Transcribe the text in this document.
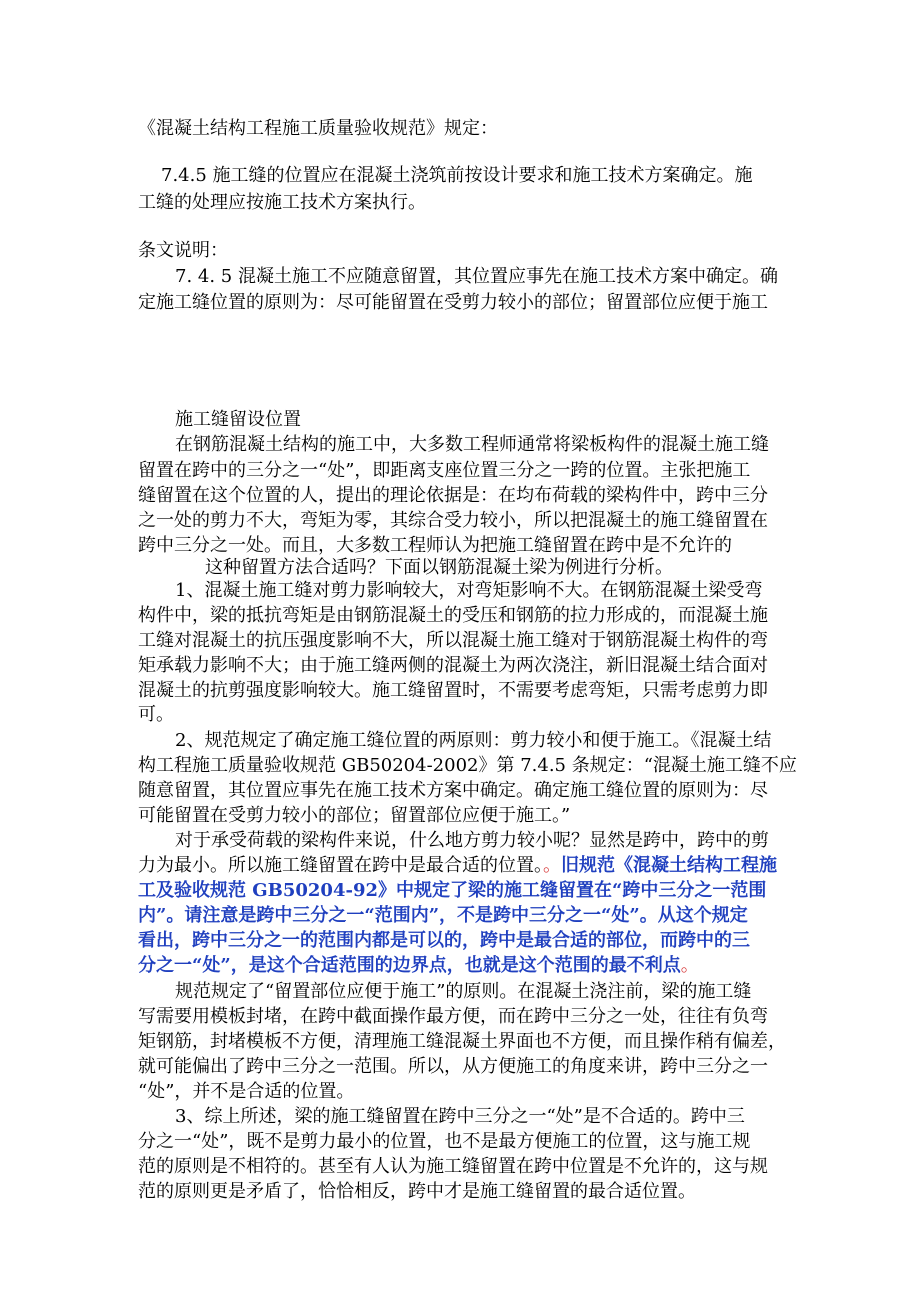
《混凝土结构工程施工质量验收规范》规定：
7.4.5 施工缝的位置应在混凝土浇筑前按设计要求和施工技术方案确定。施
工缝的处理应按施工技术方案执行。
条文说明：
7. 4. 5 混凝土施工不应随意留置，其位置应事先在施工技术方案中确定。确
定施工缝位置的原则为：尽可能留置在受剪力较小的部位；留置部位应便于施工
施工缝留设位置
在钢筋混凝土结构的施工中，大多数工程师通常将梁板构件的混凝土施工缝
留置在跨中的三分之一“处”，即距离支座位置三分之一跨的位置。主张把施工
缝留置在这个位置的人，提出的理论依据是：在均布荷载的梁构件中，跨中三分
之一处的剪力不大，弯矩为零，其综合受力较小，所以把混凝土的施工缝留置在
跨中三分之一处。而且，大多数工程师认为把施工缝留置在跨中是不允许的
这种留置方法合适吗？下面以钢筋混凝土梁为例进行分析。
1、混凝土施工缝对剪力影响较大，对弯矩影响不大。在钢筋混凝土梁受弯
构件中，梁的抵抗弯矩是由钢筋混凝土的受压和钢筋的拉力形成的，而混凝土施
工缝对混凝土的抗压强度影响不大，所以混凝土施工缝对于钢筋混凝土构件的弯
矩承载力影响不大；由于施工缝两侧的混凝土为两次浇注，新旧混凝土结合面对
混凝土的抗剪强度影响较大。施工缝留置时，不需要考虑弯矩，只需考虑剪力即
可。
2、规范规定了确定施工缝位置的两原则：剪力较小和便于施工。《混凝土结
构工程施工质量验收规范 GB50204-2002》第 7.4.5 条规定：“混凝土施工缝不应
随意留置，其位置应事先在施工技术方案中确定。确定施工缝位置的原则为：尽
可能留置在受剪力较小的部位；留置部位应便于施工。”
对于承受荷载的梁构件来说，什么地方剪力较小呢？显然是跨中，跨中的剪
力为最小。所以施工缝留置在跨中是最合适的位置。。旧规范《混凝土结构工程施
工及验收规范 GB50204-92》中规定了梁的施工缝留置在“跨中三分之一范围
内”。请注意是跨中三分之一“范围内”，不是跨中三分之一“处”。从这个规定
看出，跨中三分之一的范围内都是可以的，跨中是最合适的部位，而跨中的三
分之一“处”，是这个合适范围的边界点，也就是这个范围的最不利点。
规范规定了“留置部位应便于施工”的原则。在混凝土浇注前，梁的施工缝
写需要用模板封堵，在跨中截面操作最方便，而在跨中三分之一处，往往有负弯
矩钢筋，封堵模板不方便，清理施工缝混凝土界面也不方便，而且操作稍有偏差，
就可能偏出了跨中三分之一范围。所以，从方便施工的角度来讲，跨中三分之一
“处”，并不是合适的位置。
3、综上所述，梁的施工缝留置在跨中三分之一“处”是不合适的。跨中三
分之一“处”，既不是剪力最小的位置，也不是最方便施工的位置，这与施工规
范的原则是不相符的。甚至有人认为施工缝留置在跨中位置是不允许的，这与规
范的原则更是矛盾了，恰恰相反，跨中才是施工缝留置的最合适位置。
